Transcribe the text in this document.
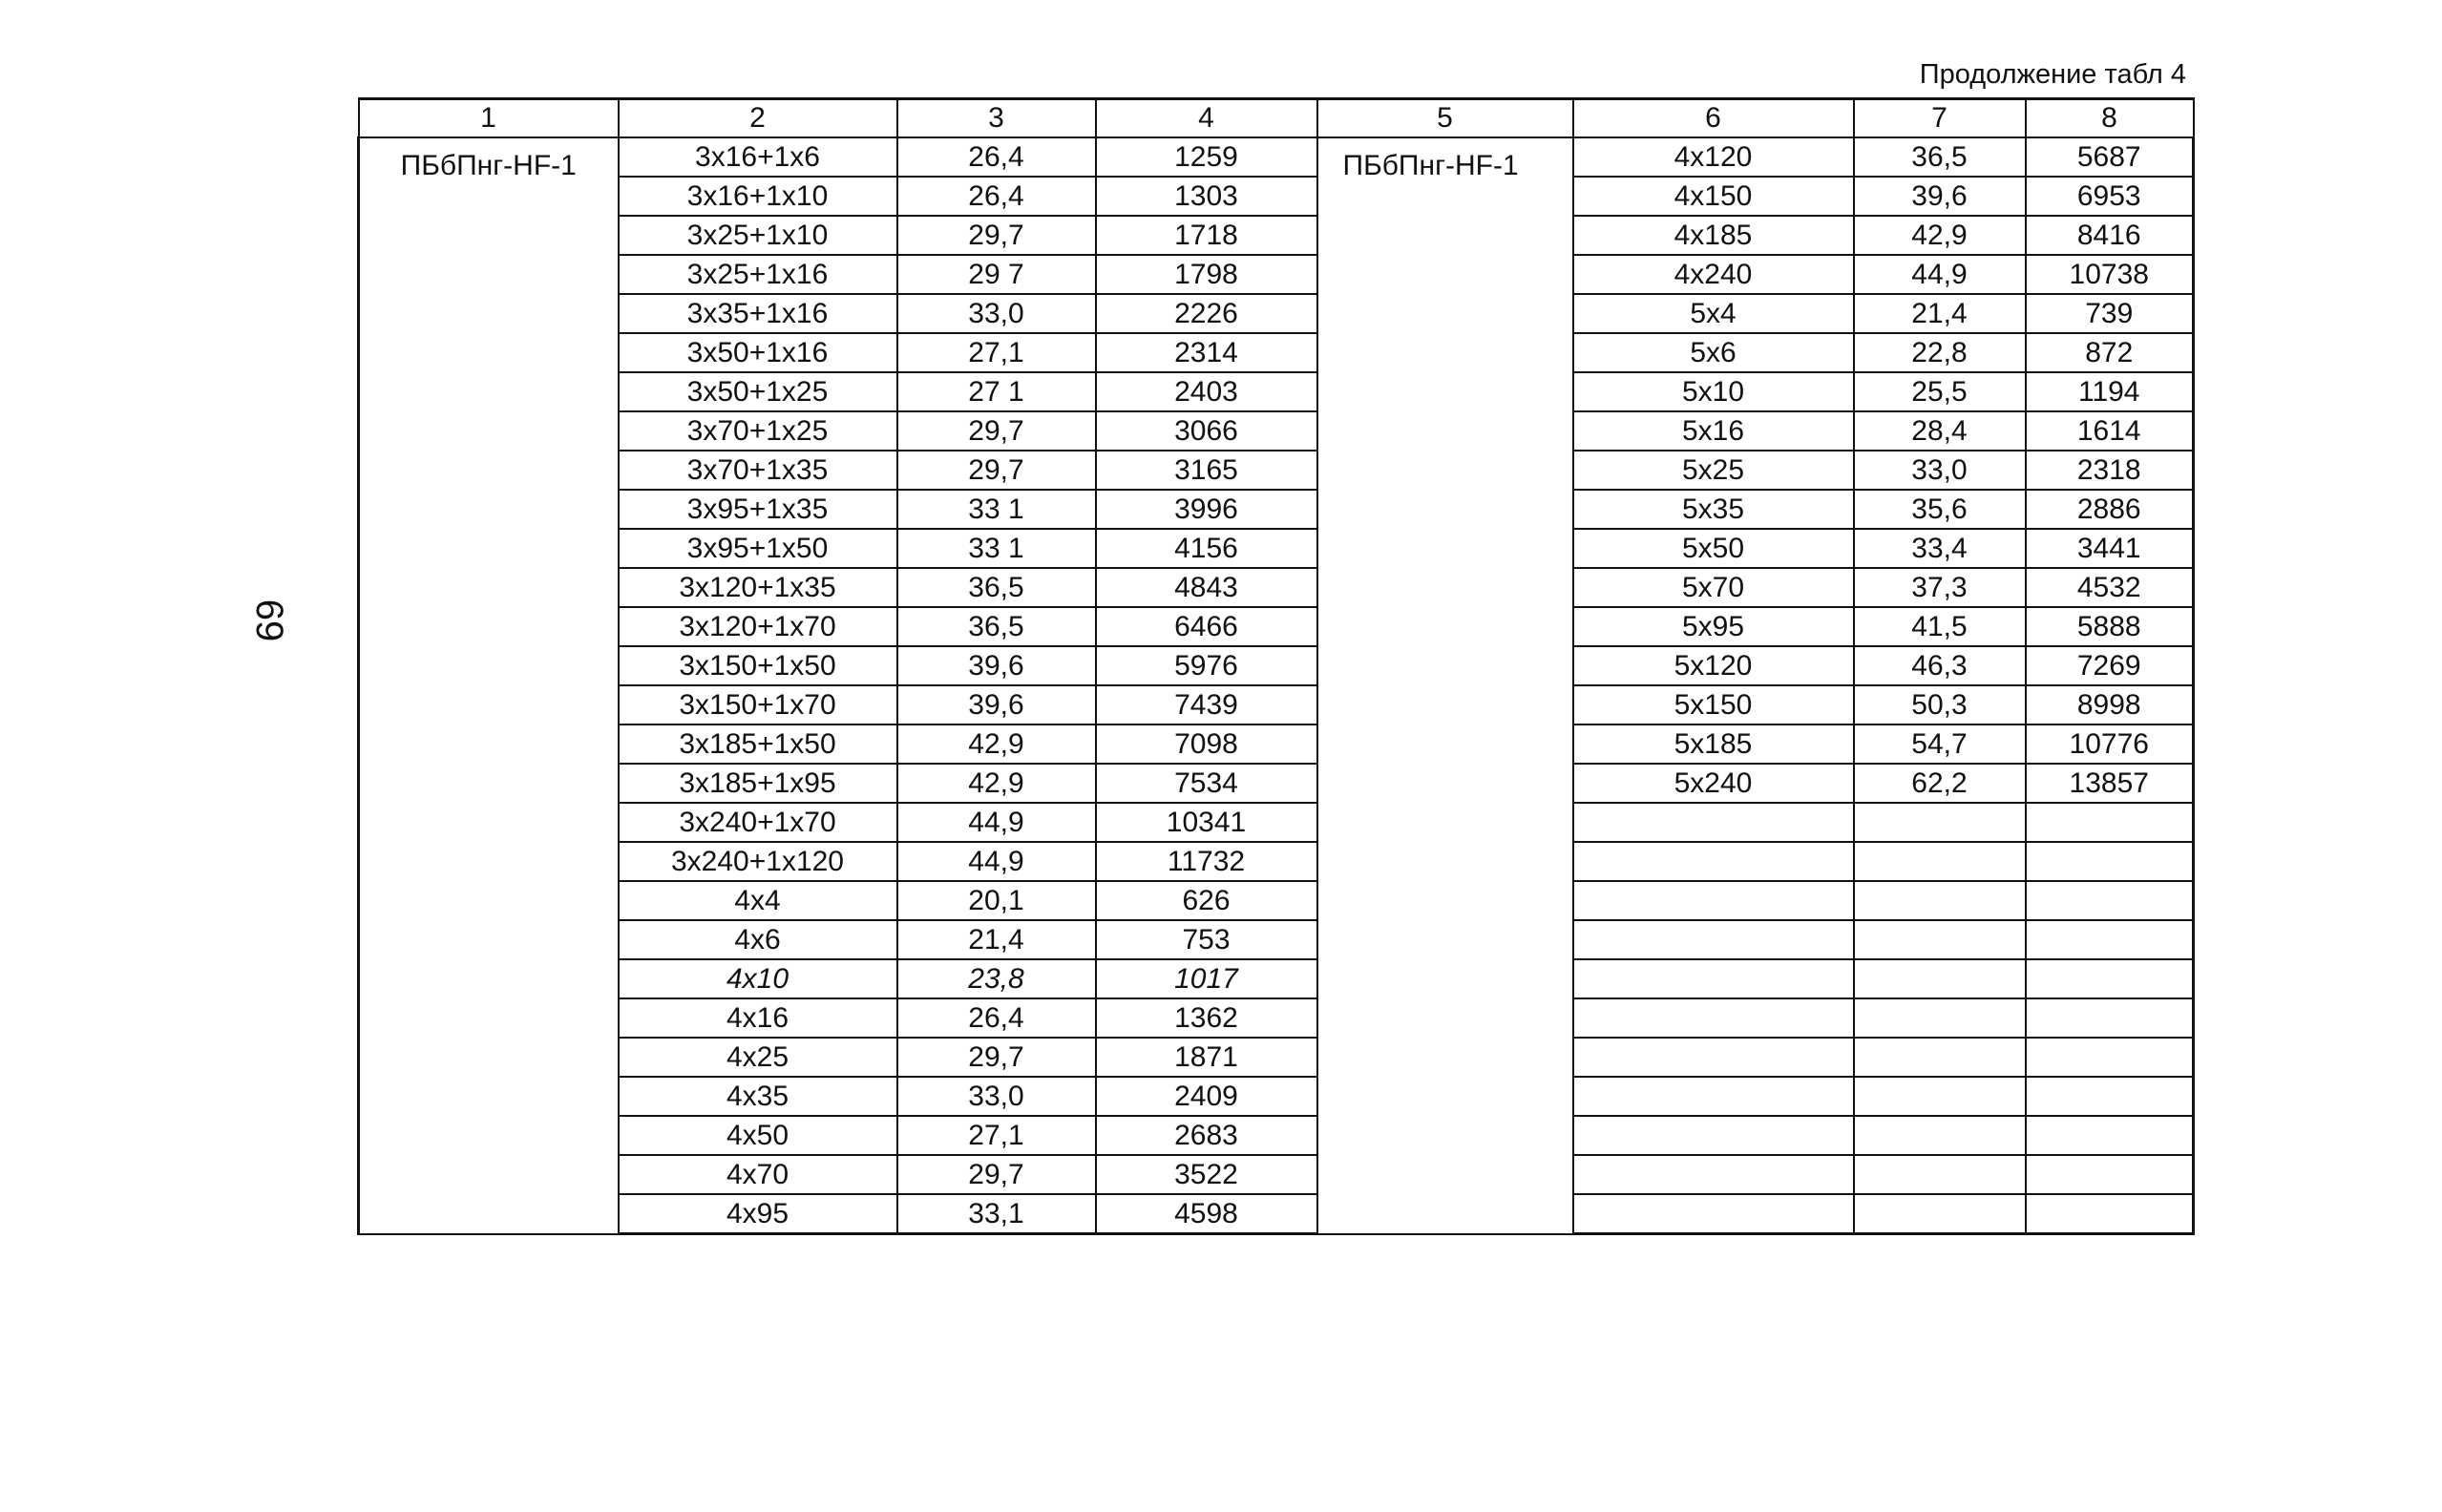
69
Продолжение табл 4
1	2	3	4	5	6	7	8
ПБбПнг-HF-1	3x16+1x6	26,4	1259	ПБбПнг-HF-1	4x120	36,5	5687
	3x16+1x10	26,4	1303		4x150	39,6	6953
	3x25+1x10	29,7	1718		4x185	42,9	8416
	3x25+1x16	29 7	1798		4x240	44,9	10738
	3x35+1x16	33,0	2226		5x4	21,4	739
	3x50+1x16	27,1	2314		5x6	22,8	872
	3x50+1x25	27 1	2403		5x10	25,5	1194
	3x70+1x25	29,7	3066		5x16	28,4	1614
	3x70+1x35	29,7	3165		5x25	33,0	2318
	3x95+1x35	33 1	3996		5x35	35,6	2886
	3x95+1x50	33 1	4156		5x50	33,4	3441
	3x120+1x35	36,5	4843		5x70	37,3	4532
	3x120+1x70	36,5	6466		5x95	41,5	5888
	3x150+1x50	39,6	5976		5x120	46,3	7269
	3x150+1x70	39,6	7439		5x150	50,3	8998
	3x185+1x50	42,9	7098		5x185	54,7	10776
	3x185+1x95	42,9	7534		5x240	62,2	13857
	3x240+1x70	44,9	10341				
	3x240+1x120	44,9	11732				
	4x4	20,1	626				
	4x6	21,4	753				
	4x10	23,8	1017				
	4x16	26,4	1362				
	4x25	29,7	1871				
	4x35	33,0	2409				
	4x50	27,1	2683				
	4x70	29,7	3522				
	4x95	33,1	4598				
